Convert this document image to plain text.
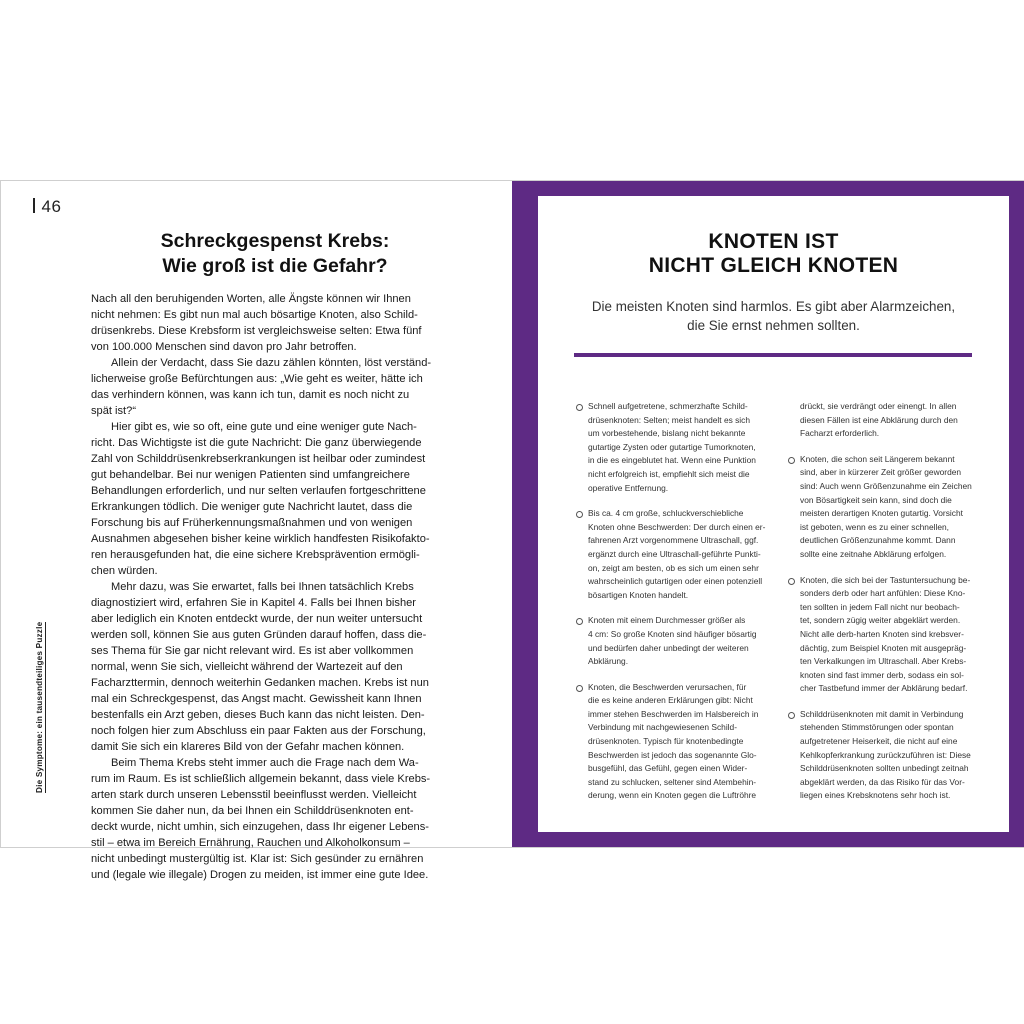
46
Die Symptome: ein tausendteiliges Puzzle
Schreckgespenst Krebs:
Wie groß ist die Gefahr?
Nach all den beruhigenden Worten, alle Ängste können wir Ihnen
nicht nehmen: Es gibt nun mal auch bösartige Knoten, also Schild-
drüsenkrebs. Diese Krebsform ist vergleichsweise selten: Etwa fünf
von 100.000 Menschen sind davon pro Jahr betroffen.
Allein der Verdacht, dass Sie dazu zählen könnten, löst verständ-
licherweise große Befürchtungen aus: „Wie geht es weiter, hätte ich
das verhindern können, was kann ich tun, damit es noch nicht zu
spät ist?“
Hier gibt es, wie so oft, eine gute und eine weniger gute Nach-
richt. Das Wichtigste ist die gute Nachricht: Die ganz überwiegende
Zahl von Schilddrüsenkrebserkrankungen ist heilbar oder zumindest
gut behandelbar. Bei nur wenigen Patienten sind umfangreichere
Behandlungen erforderlich, und nur selten verlaufen fortgeschrittene
Erkrankungen tödlich. Die weniger gute Nachricht lautet, dass die
Forschung bis auf Früherkennungsmaßnahmen und von wenigen
Ausnahmen abgesehen bisher keine wirklich handfesten Risikofakto-
ren herausgefunden hat, die eine sichere Krebsprävention ermögli-
chen würden.
Mehr dazu, was Sie erwartet, falls bei Ihnen tatsächlich Krebs
diagnostiziert wird, erfahren Sie in Kapitel 4. Falls bei Ihnen bisher
aber lediglich ein Knoten entdeckt wurde, der nun weiter untersucht
werden soll, können Sie aus guten Gründen darauf hoffen, dass die-
ses Thema für Sie gar nicht relevant wird. Es ist aber vollkommen
normal, wenn Sie sich, vielleicht während der Wartezeit auf den
Facharzttermin, dennoch weiterhin Gedanken machen. Krebs ist nun
mal ein Schreckgespenst, das Angst macht. Gewissheit kann Ihnen
bestenfalls ein Arzt geben, dieses Buch kann das nicht leisten. Den-
noch folgen hier zum Abschluss ein paar Fakten aus der Forschung,
damit Sie sich ein klareres Bild von der Gefahr machen können.
Beim Thema Krebs steht immer auch die Frage nach dem Wa-
rum im Raum. Es ist schließlich allgemein bekannt, dass viele Krebs-
arten stark durch unseren Lebensstil beeinflusst werden. Vielleicht
kommen Sie daher nun, da bei Ihnen ein Schilddrüsenknoten ent-
deckt wurde, nicht umhin, sich einzugehen, dass Ihr eigener Lebens-
stil – etwa im Bereich Ernährung, Rauchen und Alkoholkonsum –
nicht unbedingt mustergültig ist. Klar ist: Sich gesünder zu ernähren
und (legale wie illegale) Drogen zu meiden, ist immer eine gute Idee.
KNOTEN IST
NICHT GLEICH KNOTEN
Die meisten Knoten sind harmlos. Es gibt aber Alarmzeichen,
die Sie ernst nehmen sollten.
Schnell aufgetretene, schmerzhafte Schild-
drüsenknoten: Selten; meist handelt es sich
um vorbestehende, bislang nicht bekannte
gutartige Zysten oder gutartige Tumorknoten,
in die es eingeblutet hat. Wenn eine Punktion
nicht erfolgreich ist, empfiehlt sich meist die
operative Entfernung.
Bis ca. 4 cm große, schluckverschiebliche
Knoten ohne Beschwerden: Der durch einen er-
fahrenen Arzt vorgenommene Ultraschall, ggf.
ergänzt durch eine Ultraschall-geführte Punkti-
on, zeigt am besten, ob es sich um einen sehr
wahrscheinlich gutartigen oder einen potenziell
bösartigen Knoten handelt.
Knoten mit einem Durchmesser größer als
4 cm: So große Knoten sind häufiger bösartig
und bedürfen daher unbedingt der weiteren
Abklärung.
Knoten, die Beschwerden verursachen, für
die es keine anderen Erklärungen gibt: Nicht
immer stehen Beschwerden im Halsbereich in
Verbindung mit nachgewiesenen Schild-
drüsenknoten. Typisch für knotenbedingte
Beschwerden ist jedoch das sogenannte Glo-
busgefühl, das Gefühl, gegen einen Wider-
stand zu schlucken, seltener sind Atembehin-
derung, wenn ein Knoten gegen die Luftröhre
drückt, sie verdrängt oder einengt. In allen
diesen Fällen ist eine Abklärung durch den
Facharzt erforderlich.
Knoten, die schon seit Längerem bekannt
sind, aber in kürzerer Zeit größer geworden
sind: Auch wenn Größenzunahme ein Zeichen
von Bösartigkeit sein kann, sind doch die
meisten derartigen Knoten gutartig. Vorsicht
ist geboten, wenn es zu einer schnellen,
deutlichen Größenzunahme kommt. Dann
sollte eine zeitnahe Abklärung erfolgen.
Knoten, die sich bei der Tastuntersuchung be-
sonders derb oder hart anfühlen: Diese Kno-
ten sollten in jedem Fall nicht nur beobach-
tet, sondern zügig weiter abgeklärt werden.
Nicht alle derb-harten Knoten sind krebsver-
dächtig, zum Beispiel Knoten mit ausgepräg-
ten Verkalkungen im Ultraschall. Aber Krebs-
knoten sind fast immer derb, sodass ein sol-
cher Tastbefund immer der Abklärung bedarf.
Schilddrüsenknoten mit damit in Verbindung
stehenden Stimmstörungen oder spontan
aufgetretener Heiserkeit, die nicht auf eine
Kehlkopferkrankung zurückzuführen ist: Diese
Schilddrüsenknoten sollten unbedingt zeitnah
abgeklärt werden, da das Risiko für das Vor-
liegen eines Krebsknotens sehr hoch ist.
